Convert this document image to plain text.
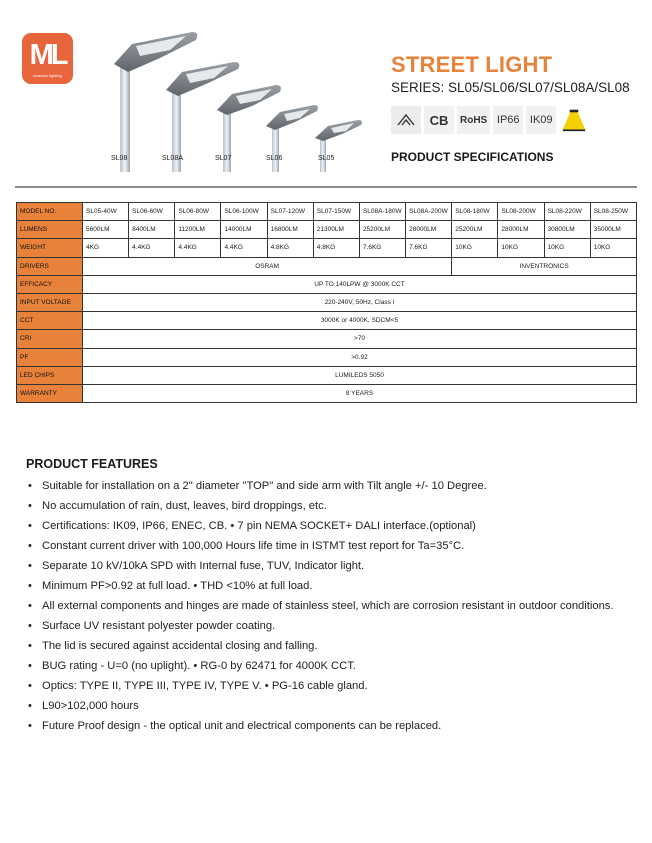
ML
moselux lighting
SL08	SL08A	SL07	SL06	SL05
STREET LIGHT
SERIES: SL05/SL06/SL07/SL08A/SL08
CB	RoHS IP66 IK09
PRODUCT SPECIFICATIONS
MODEL NO.	SL05-40W	SL06-60W	SL06-80W	SL06-100W	SL07-120W	SL07-150W	SL08A-180W	SL08A-200W	SL08-180W	SL08-200W	SL08-220W	SL08-250W
LUMENS	5600LM	8400LM	11200LM	14000LM	16800LM	21300LM	25200LM	28000LM	25200LM	28000LM	30800LM	35000LM
WEIGHT	4KG	4.4KG	4.4KG	4.4KG	4.8KG	4.8KG	7.6KG	7.6KG	10KG	10KG	10KG	10KG
DRIVERS	OSRAM								INVENTRONICS			
EFFICACY	UP TO 140LPW @ 3000K CCT											
INPUT VOLTAGE	220-240V, 50Hz, Class I											
CCT	3000K or 4000K, SDCM<5											
CRI	>70											
PF	>0.92											
LED CHIPS	LUMILEDS 5050											
WARRANTY	8 YEARS											
PRODUCT FEATURES
• Suitable for installation on a 2" diameter "TOP" and side arm with Tilt angle +/- 10 Degree.
• No accumulation of rain, dust, leaves, bird droppings, etc.
• Certifications: IK09, IP66, ENEC, CB. • 7 pin NEMA SOCKET+ DALI interface.(optional)
• Constant current driver with 100,000 Hours life time in ISTMT test report for Ta=35°C.
• Separate 10 kV/10kA SPD with Internal fuse, TUV, Indicator light.
• Minimum PF>0.92 at full load. • THD <10% at full load.
• All external components and hinges are made of stainless steel, which are corrosion resistant in outdoor conditions.
• Surface UV resistant polyester powder coating.
• The lid is secured against accidental closing and falling.
• BUG rating - U=0 (no uplight). • RG-0 by 62471 for 4000K CCT.
• Optics: TYPE II, TYPE III, TYPE IV, TYPE V. • PG-16 cable gland.
• L90>102,000 hours
• Future Proof design - the optical unit and electrical components can be replaced.
